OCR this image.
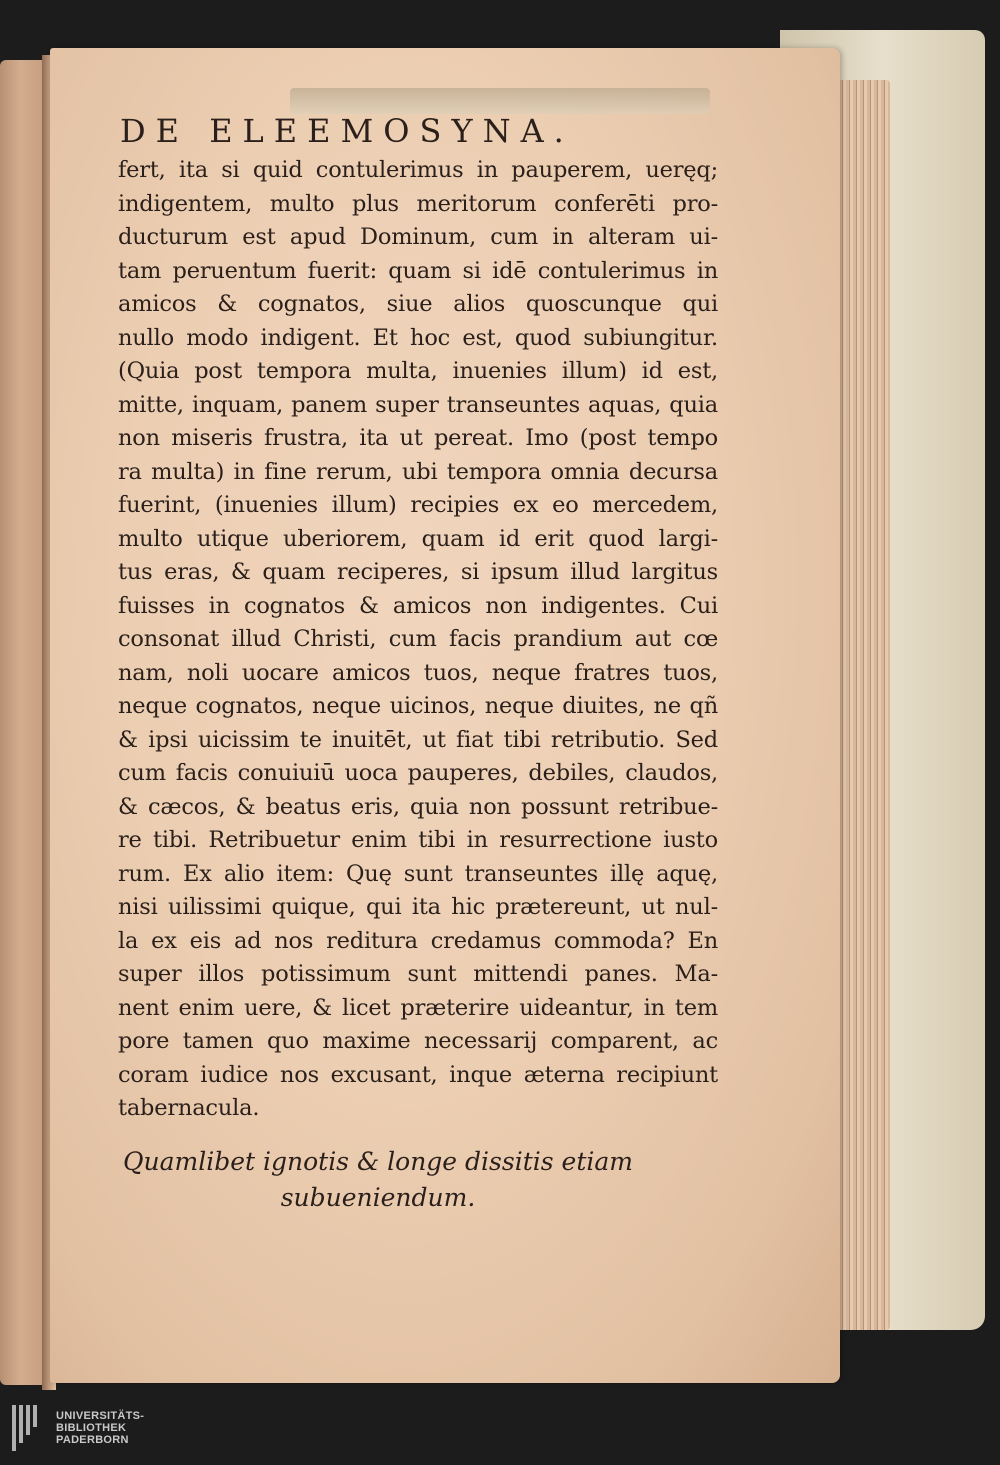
DE ELEEMOSYNA.
fert, ita si quid contulerimus in pauperem, ueręq;
indigentem, multo plus meritorum conferēti pro-
ducturum est apud Dominum, cum in alteram ui-
tam peruentum fuerit: quam si idē contulerimus in
amicos & cognatos, siue alios quoscunque qui
nullo modo indigent. Et hoc est, quod subiungitur.
(Quia post tempora multa, inuenies illum) id est,
mitte, inquam, panem super transeuntes aquas, quia
non miseris frustra, ita ut pereat. Imo (post tempo
ra multa) in fine rerum, ubi tempora omnia decursa
fuerint, (inuenies illum) recipies ex eo mercedem,
multo utique uberiorem, quam id erit quod largi-
tus eras, & quam reciperes, si ipsum illud largitus
fuisses in cognatos & amicos non indigentes. Cui
consonat illud Christi, cum facis prandium aut cœ
nam, noli uocare amicos tuos, neque fratres tuos,
neque cognatos, neque uicinos, neque diuites, ne qñ
& ipsi uicissim te inuitēt, ut fiat tibi retributio. Sed
cum facis conuiuiū uoca pauperes, debiles, claudos,
& cæcos, & beatus eris, quia non possunt retribue-
re tibi. Retribuetur enim tibi in resurrectione iusto
rum. Ex alio item: Quę sunt transeuntes illę aquę,
nisi uilissimi quique, qui ita hic prætereunt, ut nul-
la ex eis ad nos reditura credamus commoda? En
super illos potissimum sunt mittendi panes. Ma-
nent enim uere, & licet præterire uideantur, in tem
pore tamen quo maxime necessarij comparent, ac
coram iudice nos excusant, inque æterna recipiunt
tabernacula.
Quamlibet ignotis & longe dissitis etiam
subueniendum.
UNIVERSITÄTS-
BIBLIOTHEK
PADERBORN
